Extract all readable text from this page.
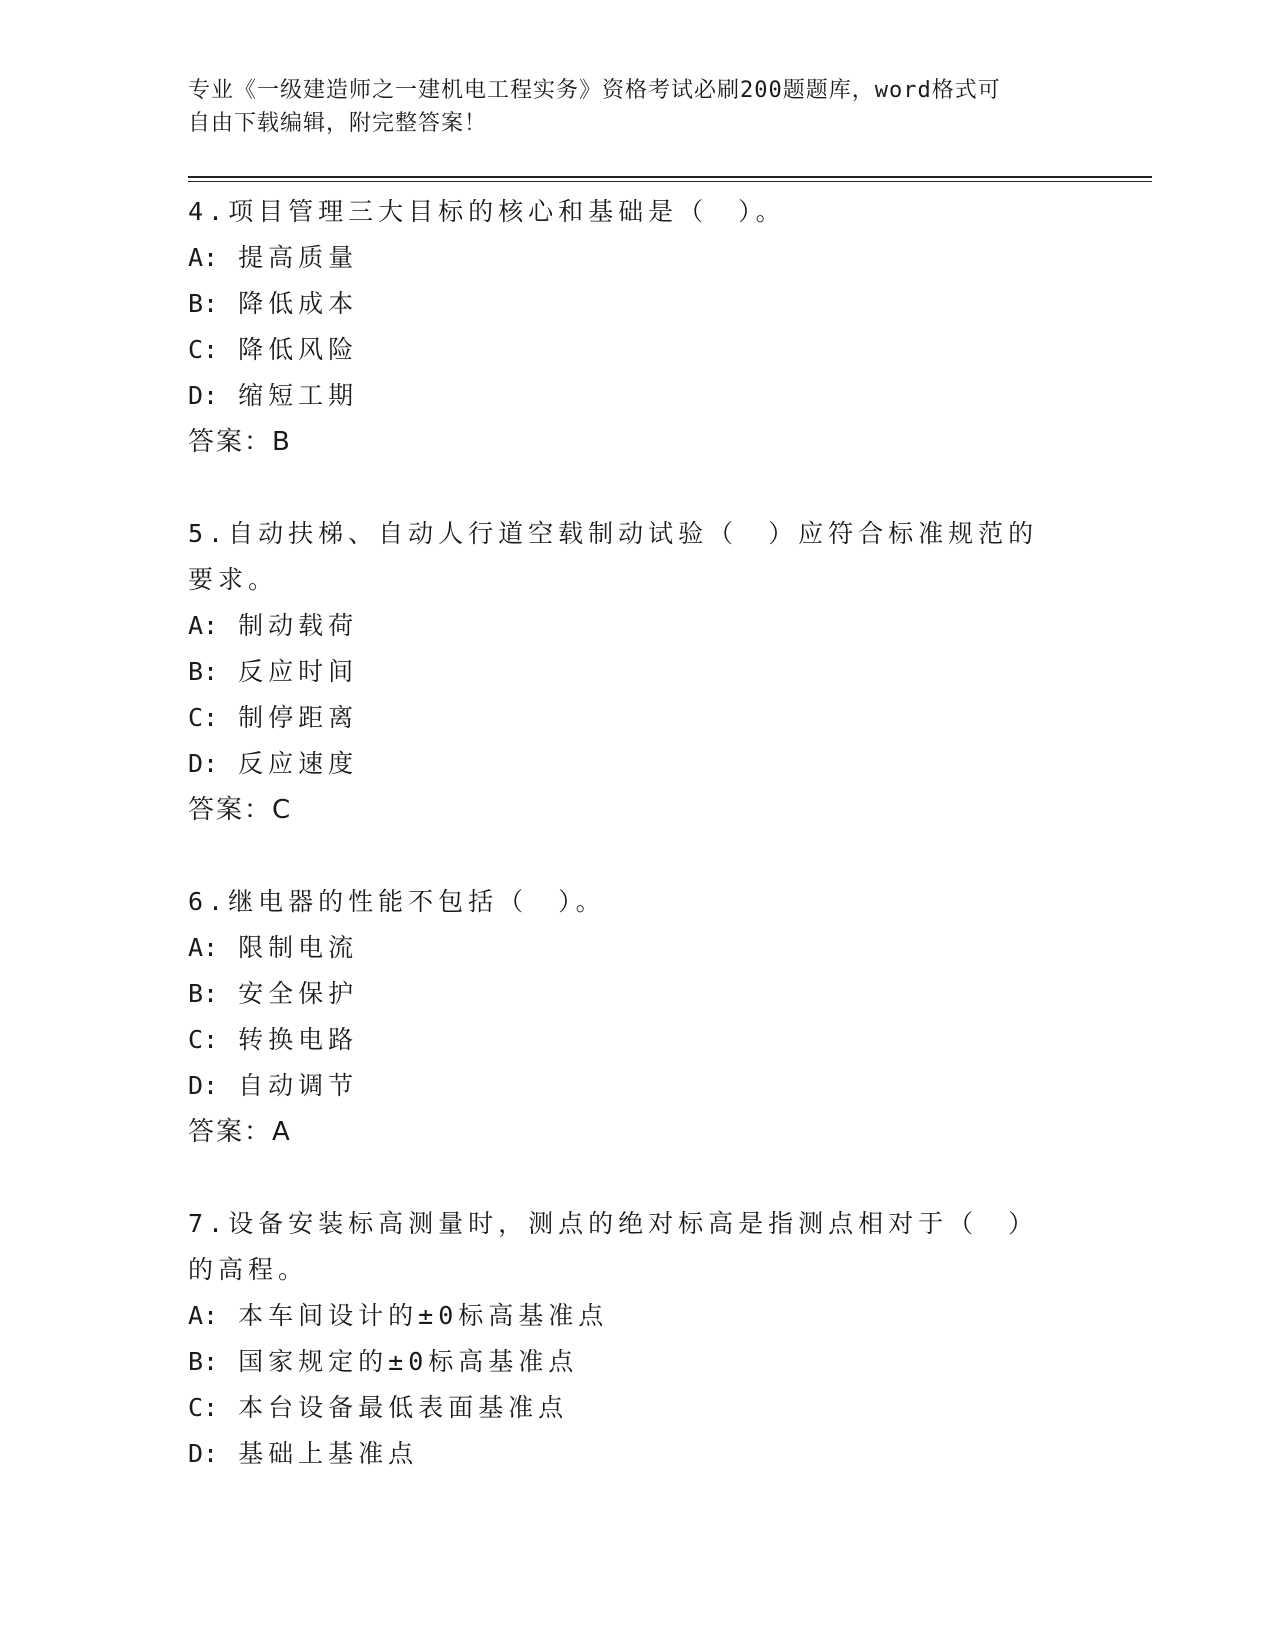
专业《一级建造师之一建机电工程实务》资格考试必刷200题题库，word格式可
自由下载编辑，附完整答案！
4.项目管理三大目标的核心和基础是（　）。
A: 提高质量
B: 降低成本
C: 降低风险
D: 缩短工期
答案：B
5.自动扶梯、自动人行道空载制动试验（　）应符合标准规范的要求。
A: 制动载荷
B: 反应时间
C: 制停距离
D: 反应速度
答案：C
6.继电器的性能不包括（　）。
A: 限制电流
B: 安全保护
C: 转换电路
D: 自动调节
答案：A
7.设备安装标高测量时，测点的绝对标高是指测点相对于（　）的高程。
A: 本车间设计的±0标高基准点
B: 国家规定的±0标高基准点
C: 本台设备最低表面基准点
D: 基础上基准点
